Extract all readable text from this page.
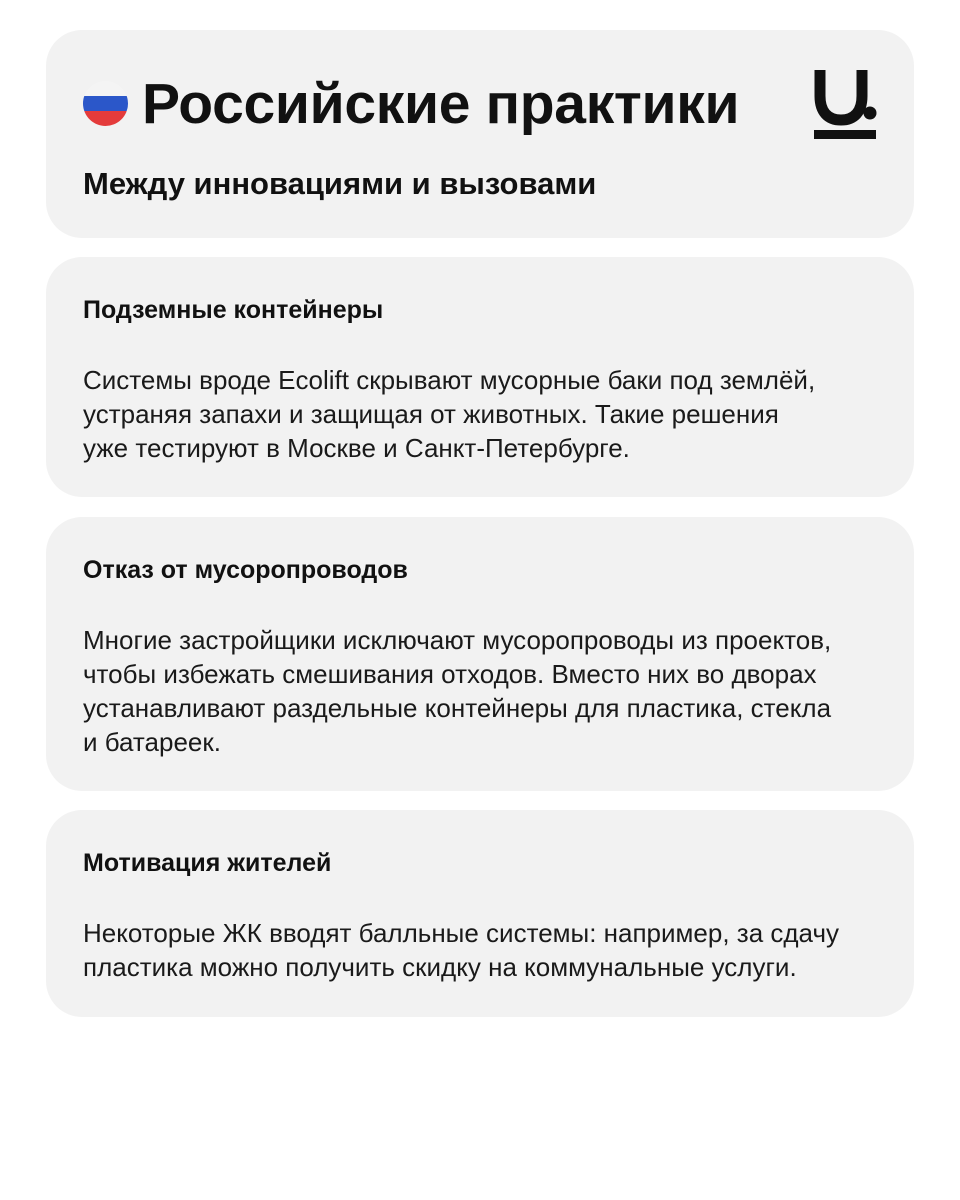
Российские практики
Между инновациями и вызовами
Подземные контейнеры

Системы вроде Ecolift скрывают мусорные баки под землёй,
устраняя запахи и защищая от животных. Такие решения
уже тестируют в Москве и Санкт-Петербурге.

Отказ от мусоропроводов

Многие застройщики исключают мусоропроводы из проектов,
чтобы избежать смешивания отходов. Вместо них во дворах
устанавливают раздельные контейнеры для пластика, стекла
и батареек.

Мотивация жителей

Некоторые ЖК вводят балльные системы: например, за сдачу
пластика можно получить скидку на коммунальные услуги.
